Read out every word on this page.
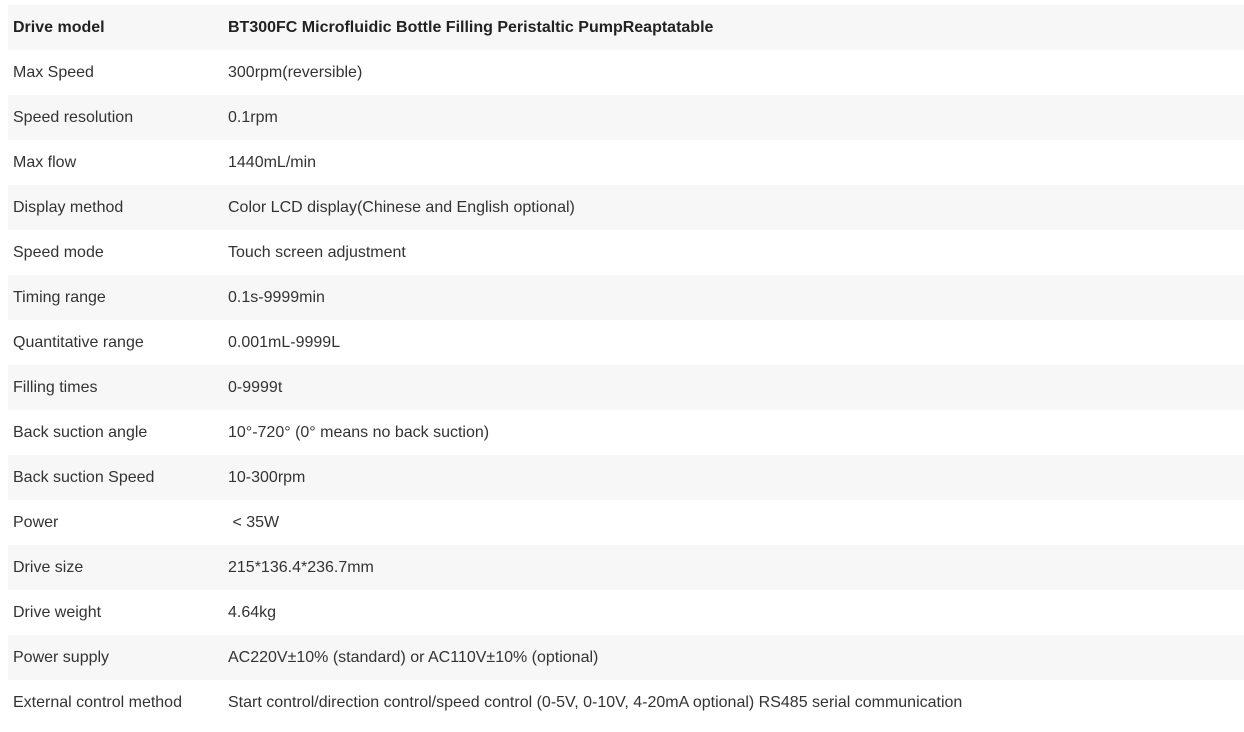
Drive model	BT300FC Microfluidic Bottle Filling Peristaltic PumpReaptatable
Max Speed	300rpm(reversible)
Speed resolution	0.1rpm
Max flow	1440mL/min
Display method	Color LCD display(Chinese and English optional)
Speed mode	Touch screen adjustment
Timing range	0.1s-9999min
Quantitative range	0.001mL-9999L
Filling times	0-9999t
Back suction angle	10°-720° (0° means no back suction)
Back suction Speed	10-300rpm
Power	< 35W
Drive size	215*136.4*236.7mm
Drive weight	4.64kg
Power supply	AC220V±10% (standard) or AC110V±10% (optional)
External control method	Start control/direction control/speed control (0-5V, 0-10V, 4-20mA optional) RS485 serial communication
